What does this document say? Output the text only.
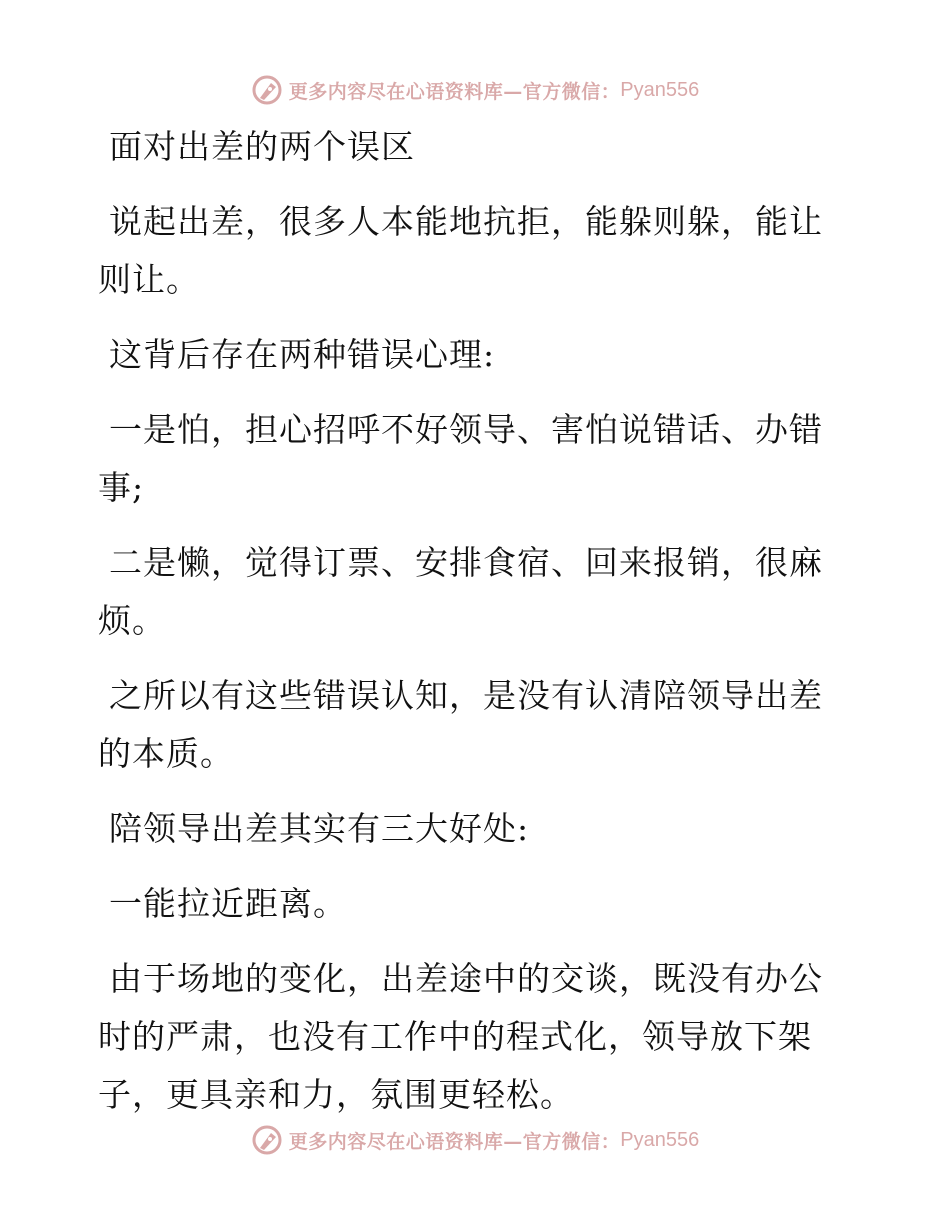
更多内容尽在心语资料库—官方微信： Pyan556

面对出差的两个误区

说起出差，很多人本能地抗拒，能躲则躲，能让则让。

这背后存在两种错误心理:

一是怕，担心招呼不好领导、害怕说错话、办错事;

二是懒，觉得订票、安排食宿、回来报销，很麻烦。

之所以有这些错误认知，是没有认清陪领导出差的本质。

陪领导出差其实有三大好处:

一能拉近距离。

由于场地的变化，出差途中的交谈，既没有办公时的严肃，也没有工作中的程式化，领导放下架子，更具亲和力，氛围更轻松。

更多内容尽在心语资料库—官方微信： Pyan556
